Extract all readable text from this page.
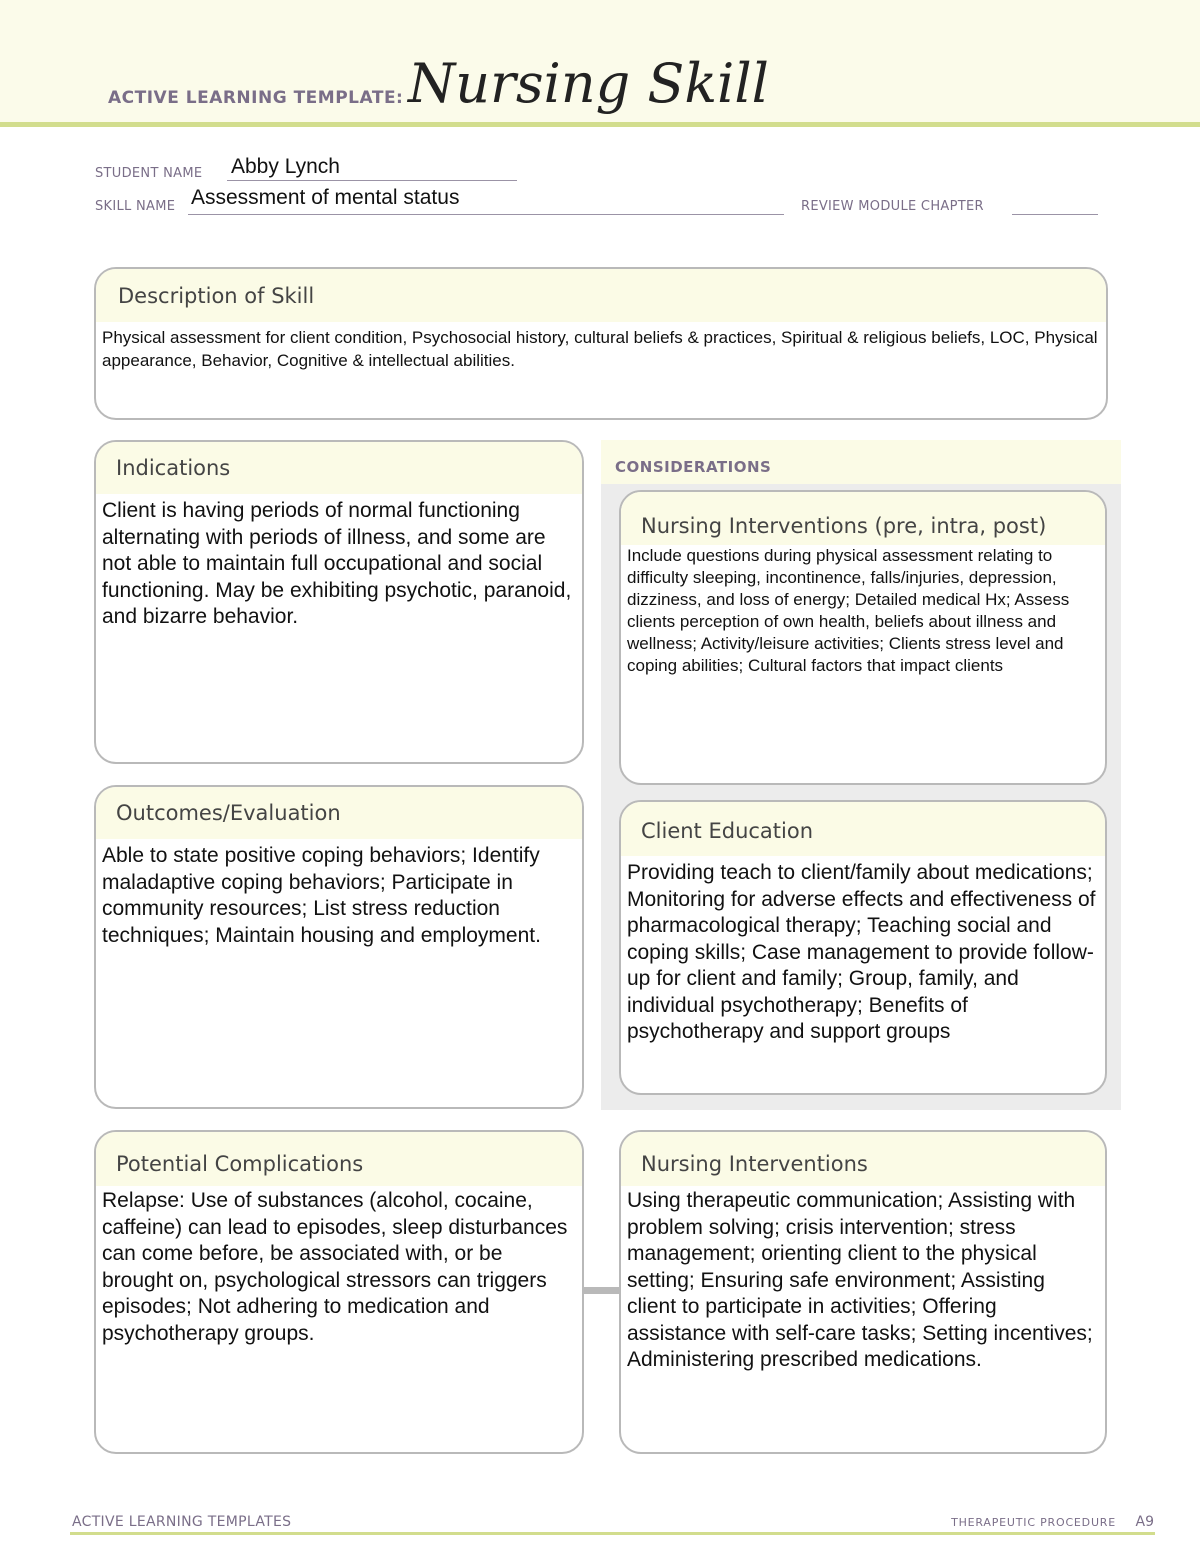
ACTIVE LEARNING TEMPLATE: Nursing Skill
STUDENT NAME Abby Lynch
SKILL NAME Assessment of mental status	REVIEW MODULE CHAPTER
Description of Skill
Physical assessment for client condition, Psychosocial history, cultural beliefs & practices, Spiritual & religious beliefs, LOC, Physical appearance, Behavior, Cognitive & intellectual abilities.
CONSIDERATIONS
Indications
Client is having periods of normal functioning alternating with periods of illness, and some are not able to maintain full occupational and social functioning. May be exhibiting psychotic, paranoid, and bizarre behavior.
Nursing Interventions (pre, intra, post)
Include questions during physical assessment relating to difficulty sleeping, incontinence, falls/injuries, depression, dizziness, and loss of energy; Detailed medical Hx; Assess clients perception of own health, beliefs about illness and wellness; Activity/leisure activities; Clients stress level and coping abilities; Cultural factors that impact clients
Outcomes/Evaluation
Able to state positive coping behaviors; Identify maladaptive coping behaviors; Participate in community resources; List stress reduction techniques; Maintain housing and employment.
Client Education
Providing teach to client/family about medications; Monitoring for adverse effects and effectiveness of pharmacological therapy; Teaching social and coping skills; Case management to provide follow-up for client and family; Group, family, and individual psychotherapy; Benefits of psychotherapy and support groups
Potential Complications
Relapse: Use of substances (alcohol, cocaine, caffeine) can lead to episodes, sleep disturbances can come before, be associated with, or be brought on, psychological stressors can triggers episodes; Not adhering to medication and psychotherapy groups.
Nursing Interventions
Using therapeutic communication; Assisting with problem solving; crisis intervention; stress management; orienting client to the physical setting; Ensuring safe environment; Assisting client to participate in activities; Offering assistance with self-care tasks; Setting incentives; Administering prescribed medications.
ACTIVE LEARNING TEMPLATES	THERAPEUTIC PROCEDURE A9
